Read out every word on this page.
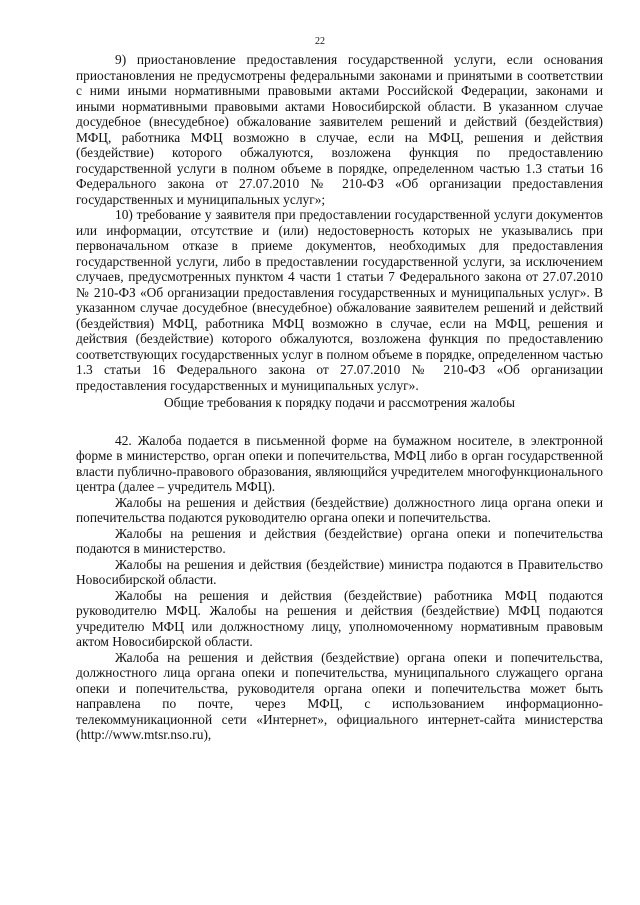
22

9) приостановление предоставления государственной услуги, если основания приостановления не предусмотрены федеральными законами и принятыми в соответствии с ними иными нормативными правовыми актами Российской Федерации, законами и иными нормативными правовыми актами Новосибирской области. В указанном случае досудебное (внесудебное) обжалование заявителем решений и действий (бездействия) МФЦ, работника МФЦ возможно в случае, если на МФЦ, решения и действия (бездействие) которого обжалуются, возложена функция по предоставлению государственной услуги в полном объеме в порядке, определенном частью 1.3 статьи 16 Федерального закона от 27.07.2010 № 210-ФЗ «Об организации предоставления государственных и муниципальных услуг»;

10) требование у заявителя при предоставлении государственной услуги документов или информации, отсутствие и (или) недостоверность которых не указывались при первоначальном отказе в приеме документов, необходимых для предоставления государственной услуги, либо в предоставлении государственной услуги, за исключением случаев, предусмотренных пунктом 4 части 1 статьи 7 Федерального закона от 27.07.2010 № 210-ФЗ «Об организации предоставления государственных и муниципальных услуг». В указанном случае досудебное (внесудебное) обжалование заявителем решений и действий (бездействия) МФЦ, работника МФЦ возможно в случае, если на МФЦ, решения и действия (бездействие) которого обжалуются, возложена функция по предоставлению соответствующих государственных услуг в полном объеме в порядке, определенном частью 1.3 статьи 16 Федерального закона от 27.07.2010 № 210-ФЗ «Об организации предоставления государственных и муниципальных услуг».

Общие требования к порядку подачи и рассмотрения жалобы

42. Жалоба подается в письменной форме на бумажном носителе, в электронной форме в министерство, орган опеки и попечительства, МФЦ либо в орган государственной власти публично-правового образования, являющийся учредителем многофункционального центра (далее – учредитель МФЦ).

Жалобы на решения и действия (бездействие) должностного лица органа опеки и попечительства подаются руководителю органа опеки и попечительства.

Жалобы на решения и действия (бездействие) органа опеки и попечительства подаются в министерство.

Жалобы на решения и действия (бездействие) министра подаются в Правительство Новосибирской области.

Жалобы на решения и действия (бездействие) работника МФЦ подаются руководителю МФЦ. Жалобы на решения и действия (бездействие) МФЦ подаются учредителю МФЦ или должностному лицу, уполномоченному нормативным правовым актом Новосибирской области.

Жалоба на решения и действия (бездействие) органа опеки и попечительства, должностного лица органа опеки и попечительства, муниципального служащего органа опеки и попечительства, руководителя органа опеки и попечительства может быть направлена по почте, через МФЦ, с использованием информационно-телекоммуникационной сети «Интернет», официального интернет-сайта министерства (http://www.mtsr.nso.ru),
